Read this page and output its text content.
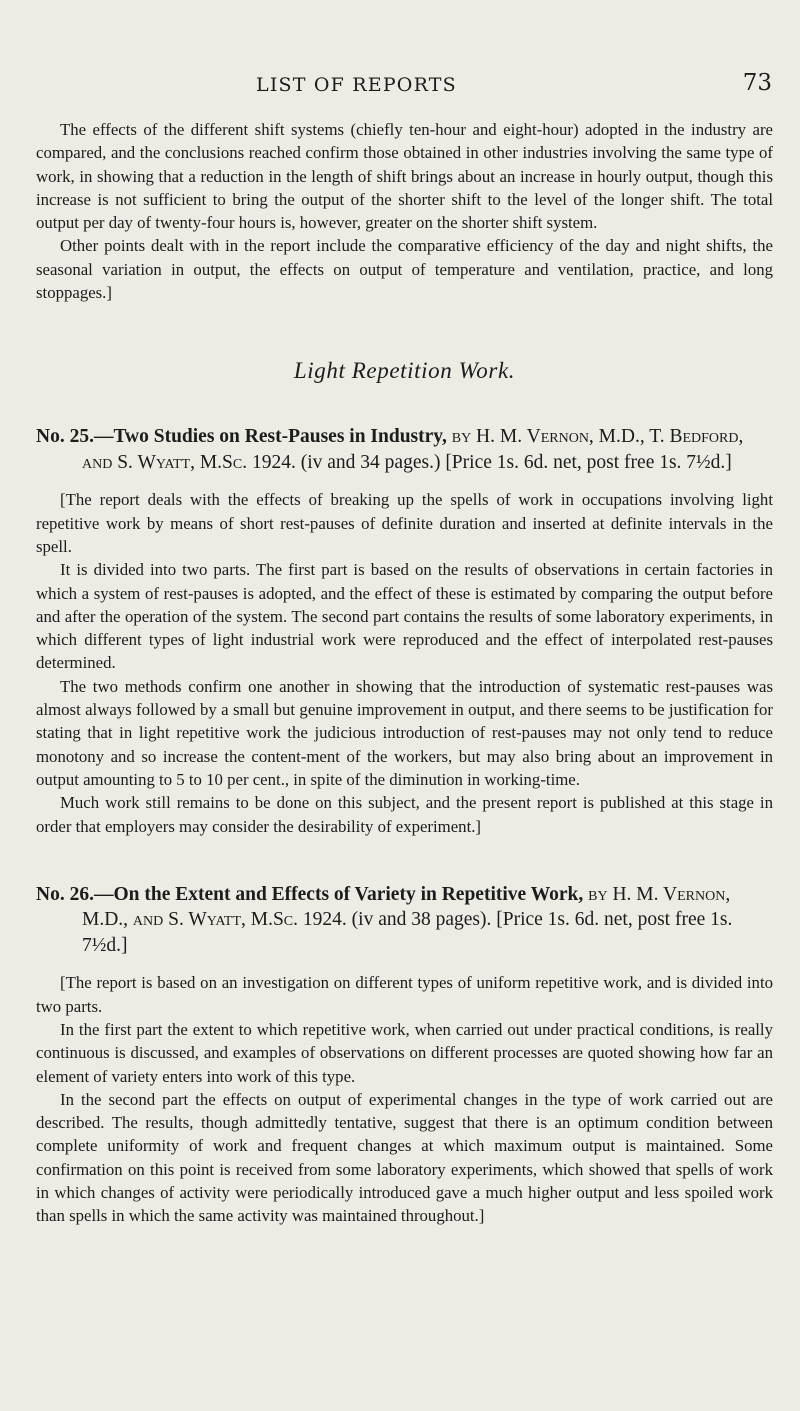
LIST OF REPORTS	73

The effects of the different shift systems (chiefly ten-hour and eight-hour) adopted in the industry are compared, and the conclusions reached confirm those obtained in other industries involving the same type of work, in showing that a reduction in the length of shift brings about an increase in hourly output, though this increase is not sufficient to bring the output of the shorter shift to the level of the longer shift. The total output per day of twenty-four hours is, however, greater on the shorter shift system.

Other points dealt with in the report include the comparative efficiency of the day and night shifts, the seasonal variation in output, the effects on output of temperature and ventilation, practice, and long stoppages.]

Light Repetition Work.
No. 25.—Two Studies on Rest-Pauses in Industry, by H. M. Vernon, M.D., T. Bedford, and S. Wyatt, M.Sc. 1924. (iv and 34 pages.) [Price 1s. 6d. net, post free 1s. 7½d.]

[The report deals with the effects of breaking up the spells of work in occupations involving light repetitive work by means of short rest-pauses of definite duration and inserted at definite intervals in the spell.

It is divided into two parts. The first part is based on the results of observations in certain factories in which a system of rest-pauses is adopted, and the effect of these is estimated by comparing the output before and after the operation of the system. The second part contains the results of some laboratory experiments, in which different types of light industrial work were reproduced and the effect of interpolated rest-pauses determined.

The two methods confirm one another in showing that the introduction of systematic rest-pauses was almost always followed by a small but genuine improvement in output, and there seems to be justification for stating that in light repetitive work the judicious introduction of rest-pauses may not only tend to reduce monotony and so increase the content-ment of the workers, but may also bring about an improvement in output amounting to 5 to 10 per cent., in spite of the diminution in working-time.

Much work still remains to be done on this subject, and the present report is published at this stage in order that employers may consider the desirability of experiment.]

No. 26.—On the Extent and Effects of Variety in Repetitive Work, by H. M. Vernon, M.D., and S. Wyatt, M.Sc. 1924. (iv and 38 pages). [Price 1s. 6d. net, post free 1s. 7½d.]

[The report is based on an investigation on different types of uniform repetitive work, and is divided into two parts.

In the first part the extent to which repetitive work, when carried out under practical conditions, is really continuous is discussed, and examples of observations on different processes are quoted showing how far an element of variety enters into work of this type.

In the second part the effects on output of experimental changes in the type of work carried out are described. The results, though admittedly tentative, suggest that there is an optimum condition between complete uniformity of work and frequent changes at which maximum output is maintained. Some confirmation on this point is received from some laboratory experiments, which showed that spells of work in which changes of activity were periodically introduced gave a much higher output and less spoiled work than spells in which the same activity was maintained throughout.]
